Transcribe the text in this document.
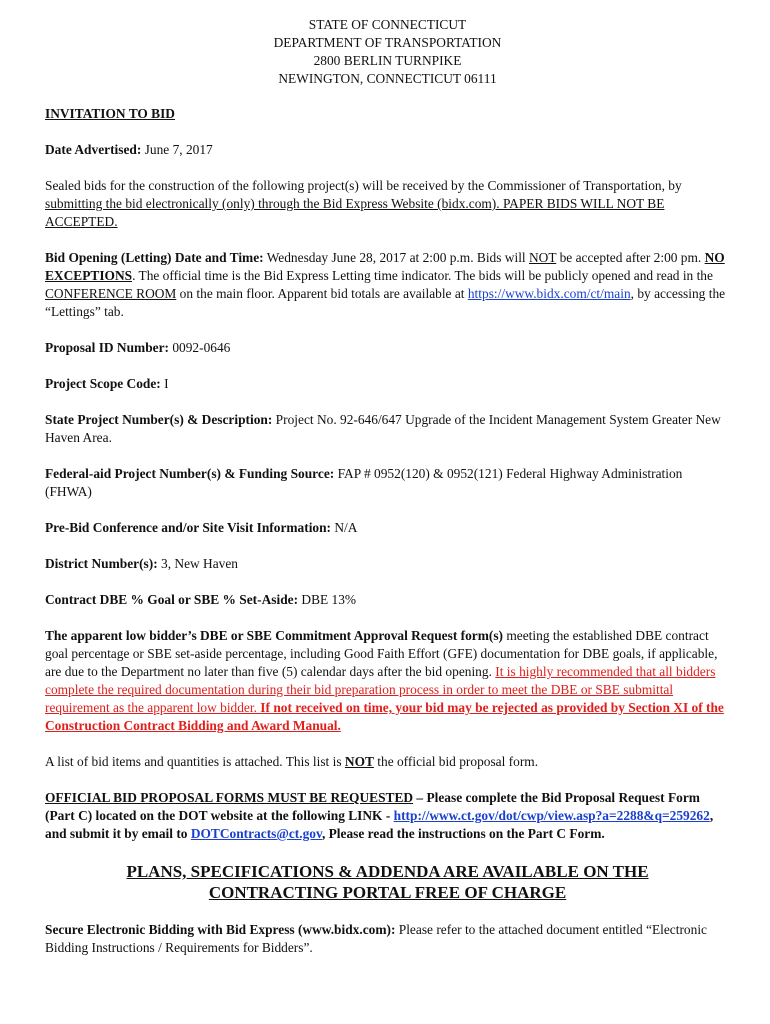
STATE OF CONNECTICUT
DEPARTMENT OF TRANSPORTATION
2800 BERLIN TURNPIKE
NEWINGTON, CONNECTICUT 06111

INVITATION TO BID

Date Advertised: June 7, 2017

Sealed bids for the construction of the following project(s) will be received by the Commissioner of Transportation, by submitting the bid electronically (only) through the Bid Express Website (bidx.com). PAPER BIDS WILL NOT BE ACCEPTED.

Bid Opening (Letting) Date and Time: Wednesday June 28, 2017 at 2:00 p.m. Bids will NOT be accepted after 2:00 pm. NO EXCEPTIONS. The official time is the Bid Express Letting time indicator. The bids will be publicly opened and read in the CONFERENCE ROOM on the main floor. Apparent bid totals are available at https://www.bidx.com/ct/main, by accessing the “Lettings” tab.

Proposal ID Number: 0092-0646

Project Scope Code: I

State Project Number(s) & Description: Project No. 92-646/647 Upgrade of the Incident Management System Greater New Haven Area.

Federal-aid Project Number(s) & Funding Source: FAP # 0952(120) & 0952(121) Federal Highway Administration (FHWA)

Pre-Bid Conference and/or Site Visit Information: N/A

District Number(s): 3, New Haven

Contract DBE % Goal or SBE % Set-Aside: DBE 13%

The apparent low bidder’s DBE or SBE Commitment Approval Request form(s) meeting the established DBE contract goal percentage or SBE set-aside percentage, including Good Faith Effort (GFE) documentation for DBE goals, if applicable, are due to the Department no later than five (5) calendar days after the bid opening. It is highly recommended that all bidders complete the required documentation during their bid preparation process in order to meet the DBE or SBE submittal requirement as the apparent low bidder. If not received on time, your bid may be rejected as provided by Section XI of the Construction Contract Bidding and Award Manual.

A list of bid items and quantities is attached. This list is NOT the official bid proposal form.

OFFICIAL BID PROPOSAL FORMS MUST BE REQUESTED – Please complete the Bid Proposal Request Form (Part C) located on the DOT website at the following LINK - http://www.ct.gov/dot/cwp/view.asp?a=2288&q=259262, and submit it by email to DOTContracts@ct.gov, Please read the instructions on the Part C Form.

PLANS, SPECIFICATIONS & ADDENDA ARE AVAILABLE ON THE
CONTRACTING PORTAL FREE OF CHARGE

Secure Electronic Bidding with Bid Express (www.bidx.com): Please refer to the attached document entitled “Electronic Bidding Instructions / Requirements for Bidders”.
